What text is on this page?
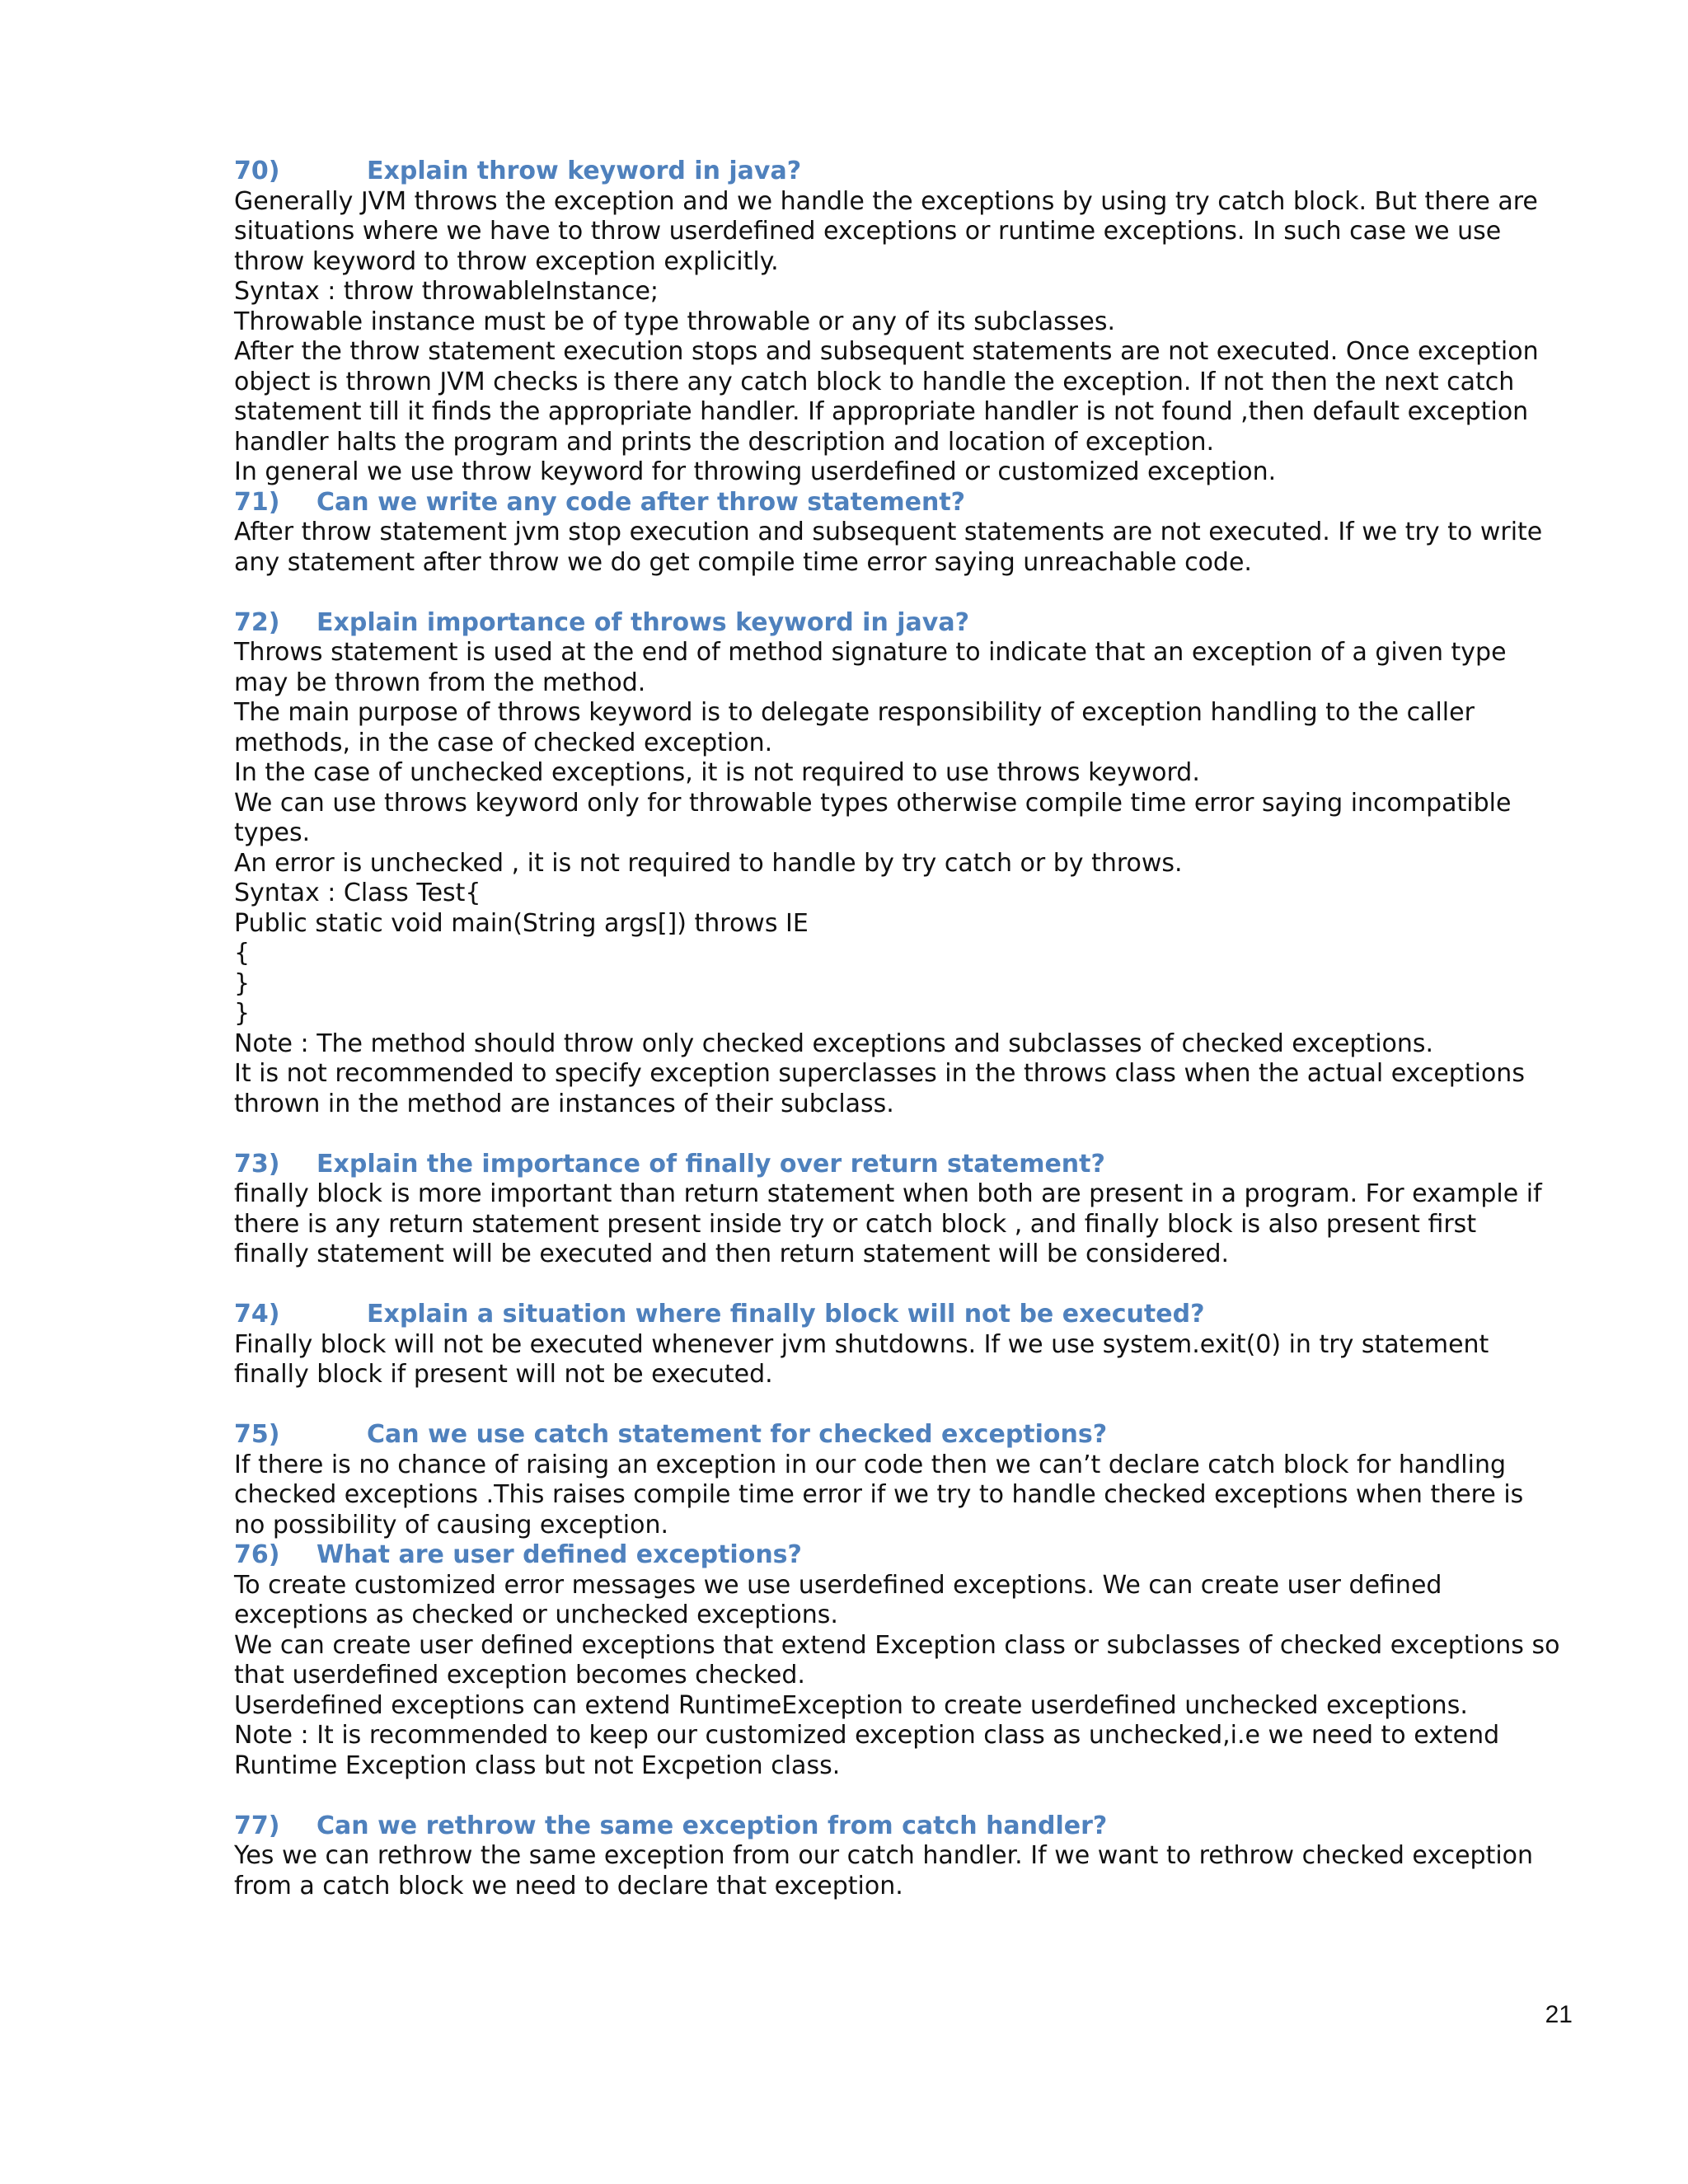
70)	Explain throw keyword in java?
Generally JVM throws the exception and we handle the exceptions by using try catch block. But there are
situations where we have to throw userdefined exceptions or runtime exceptions. In such case we use
throw keyword to throw exception explicitly.
Syntax : throw throwableInstance;
Throwable instance must be of type throwable or any of its subclasses.
After the throw statement execution stops and subsequent statements are not executed. Once exception
object is thrown JVM checks is there any catch block to handle the exception. If not then the next catch
statement till it finds the appropriate handler. If appropriate handler is not found ,then default exception
handler halts the program and prints the description and location of exception.
In general we use throw keyword for throwing userdefined or customized exception.
71) Can we write any code after throw statement?
After throw statement jvm stop execution and subsequent statements are not executed. If we try to write
any statement after throw we do get compile time error saying unreachable code.
72) Explain importance of throws keyword in java?
Throws statement is used at the end of method signature to indicate that an exception of a given type
may be thrown from the method.
The main purpose of throws keyword is to delegate responsibility of exception handling to the caller
methods, in the case of checked exception.
In the case of unchecked exceptions, it is not required to use throws keyword.
We can use throws keyword only for throwable types otherwise compile time error saying incompatible
types.
An error is unchecked , it is not required to handle by try catch or by throws.
Syntax : Class Test{
Public static void main(String args[]) throws IE
{
}
}
Note : The method should throw only checked exceptions and subclasses of checked exceptions.
It is not recommended to specify exception superclasses in the throws class when the actual exceptions
thrown in the method are instances of their subclass.
73) Explain the importance of finally over return statement?
finally block is more important than return statement when both are present in a program. For example if
there is any return statement present inside try or catch block , and finally block is also present first
finally statement will be executed and then return statement will be considered.
74)	Explain a situation where finally block will not be executed?
Finally block will not be executed whenever jvm shutdowns. If we use system.exit(0) in try statement
finally block if present will not be executed.
75)	Can we use catch statement for checked exceptions?
If there is no chance of raising an exception in our code then we can’t declare catch block for handling
checked exceptions .This raises compile time error if we try to handle checked exceptions when there is
no possibility of causing exception.
76) What are user defined exceptions?
To create customized error messages we use userdefined exceptions. We can create user defined
exceptions as checked or unchecked exceptions.
We can create user defined exceptions that extend Exception class or subclasses of checked exceptions so
that userdefined exception becomes checked.
Userdefined exceptions can extend RuntimeException to create userdefined unchecked exceptions.
Note : It is recommended to keep our customized exception class as unchecked,i.e we need to extend
Runtime Exception class but not Excpetion class.
77) Can we rethrow the same exception from catch handler?
Yes we can rethrow the same exception from our catch handler. If we want to rethrow checked exception
from a catch block we need to declare that exception.
21
